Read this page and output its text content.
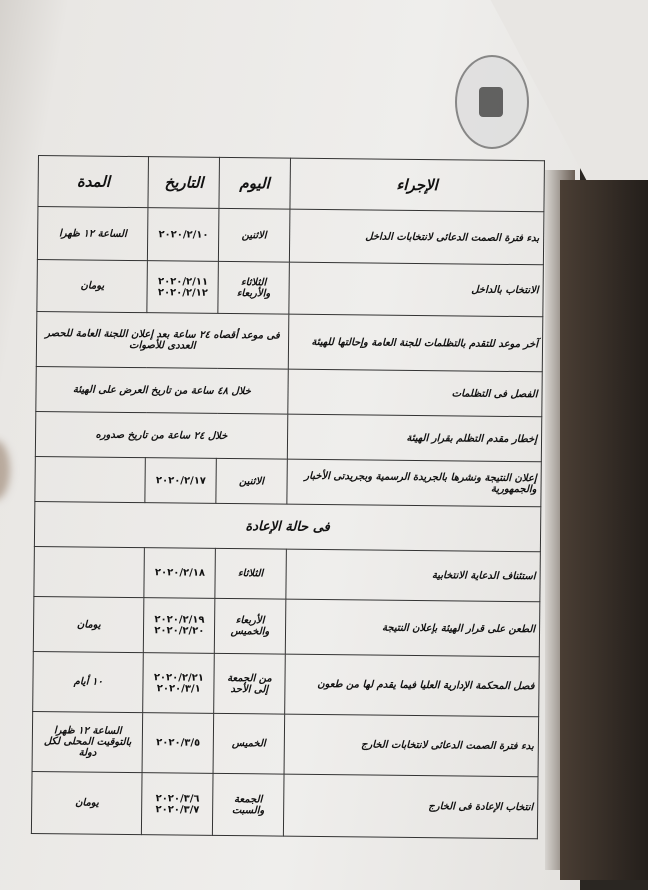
الإجراء	اليوم	التاريخ	المدة
بدء فترة الصمت الدعائى لانتخابات الداخل	الاثنين	٢٠٢٠/٢/١٠	الساعة ١٢ ظهرا
الانتخاب بالداخل	الثلاثاء والأربعاء	٢٠٢٠/٢/١١ ٢٠٢٠/٢/١٢	يومان
آخر موعد للتقدم بالتظلمات للجنة العامة وإحالتها للهيئة	فى موعد أقصاه ٢٤ ساعة بعد إعلان اللجنة العامة للحصر العددى للأصوات		
الفصل فى التظلمات	خلال ٤٨ ساعة من تاريخ العرض على الهيئة		
إخطار مقدم التظلم بقرار الهيئة	خلال ٢٤ ساعة من تاريخ صدوره		
إعلان النتيجة ونشرها بالجريدة الرسمية وبجريدتى الأخبار والجمهورية	الاثنين	٢٠٢٠/٢/١٧	
فى حالة الإعادة			
استئناف الدعاية الانتخابية	الثلاثاء	٢٠٢٠/٢/١٨	
الطعن على قرار الهيئة بإعلان النتيجة	الأربعاء والخميس	٢٠٢٠/٢/١٩ ٢٠٢٠/٢/٢٠	يومان
فصل المحكمة الإدارية العليا فيما يقدم لها من طعون	من الجمعة إلى الأحد	٢٠٢٠/٢/٢١ ٢٠٢٠/٣/١	١٠ أيام
بدء فترة الصمت الدعائى لانتخابات الخارج	الخميس	٢٠٢٠/٣/٥	الساعة ١٢ ظهرا بالتوقيت المحلى لكل دولة
انتخاب الإعادة فى الخارج	الجمعة والسبت	٢٠٢٠/٣/٦ ٢٠٢٠/٣/٧	يومان
